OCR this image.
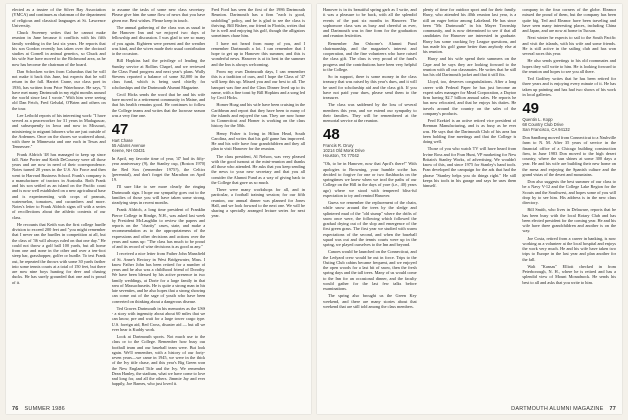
elected as a trustee of the Silver Bay Association (YMCA) and continues as chairman of the department of religious and classical languages at St. Lawrence University.

Chuck Sweeney writes that he cannot make reunion in June because it conflicts with his fifth family wedding in the last six years. He reports that his son Gordon recently has taken over the doctoral studies at Cornell in animal genetics, so Chuck and his wife Sue have moved to the Richmond area, as he now has become the chairman of the board.

Dan Schocken writes from Columbus that he will not make it back this June, but expects that he will return in the fall. Harriet Crane, our class poet in 1936, has written from Price Waterhouse. He says, "I have met many Dartmouth in my eight months around the world since last I wrote." With him were seeing old Dan Fetch, Fred Gelsdal, O'Brien and others on the tour.

Lee Leibold reports of his interesting work: "I have served as a peaceworker for 31 years in Madagascar, and subsequently in Iowa and now in Missouri, ministering to migrant laborers who are just outside of the Ardennes. Once on the shores we scattered about, with three in Minnesota and one each in Texas and Tennessee."

Frank Aldrich '48 has managed to keep up since fall. Nate Porter and Keith DeCoursey were all those years and are now in need of their correspondence. Notes turned 20 years in the U.S. Air Force and then went to Harvard Business School. Frank's company is a manufacturer of tractors in Australia. Both Frank and his son settled as an island on the Pacific coast and is now well established on a new agricultural base and is experimenting with crops of peanuts, watermelon, tomatoes, and cucumbers and more. Notes's letter to Frank Aldrich signs off with a series of recollections about the athletic contests of our class.

He recounts that Keith was the first college hurdle division to exceed 200 feet and "you might remember that I never ran the hurdles in competition at all, but the class of '36 will always ruled on that one day." He could not throw a golf ball 100 yards, but all home from one and none in the other and over a ten-foot steep bar, grasshopper, golfer or hurdle. To test Frank out, he repeated the throws with some 30 yards farther into some tennis courts at a total of 150 feet, but there are now nine boys hunting for deer and chasing ducks. He has surely grounded that one and is proud of it.

to assume the tasks of some new class secretary. Please give him the same flow of news that you have given me. Best wishes. Please keep in touch.

The annual gathering of the class was as usual in the Hanover Inn and we enjoyed two days of fellowship and discussion. I was glad to see so many of you again. Eighteen were present and the weather was kind, and the wives made their usual contribution to the occasion.

Bill Hopkins had the privilege of leading the Sunday service at Rollins Chapel, and we reviewed the Class Fund progress and next year's plans. Wally Stevens reported a balance of some $2,000 in the class fund, which is being used chiefly for scholarships and the Dartmouth Alumni Magazine.

Cecil Hicks sends the word that he and his wife have moved to a retirement community in Maine, and that his health remains good. He continues to follow the College teams and writes that the lacrosse season was a very fine one.

47
Hart Chase
55 Adams Avenue
Keene, NH 03431

In April, my favorite time of year, '47 had its fifty-year anniversary (9), the Stanley cup, (Boston 1970) the Red Sox (remember 1975?), the Celtics (perennial), and don't forget the Marathon on April 19.

I'll sure like to see more clearly the ringing Dartmouth sign. I hope our sympathy goes out to the families of those you will have taken some strong, steadying steps in recent months.

Frank Aldrich, a long time president of Franklin Pierce College in Rindge, N.H., was asked last week by President McLaughlin to review the papers and reports on the "charity" cases, state, and make a recommendation as to the appropriateness of the expressions and other decisions and actions over the years and sums up: "The class has much to be proud of and its record of wise decisions is as good as any."

I received a nice letter from Father John Mansfield of St. Anne's Rectory in West Bridgewater, Mass. I know Father John has been retired for a number of years and he also was a childhood friend of Dorothy. We have been blessed by his active presence in two family weddings, at Dorie for a large family in that area of Massachusetts. He is quite a strong man in his late seventies, and he also hopes that a strong showing can come out of the sage of youth who have been converted on thinking about a dangerous disease.

Ted Graves Dartmouth in his memories as the USS - a story with ingenuity about about 60 miles that we can know, pre and wait for a large tower cargo type. U.S. foreign aid, Red Cross, disaster aid — but all we ever hear is Kuddy work.

Look at Dartmouth sports. Not much use to the class or to the College. Remember how busy our football team and our baseball team were. But look again. We'll remember, with a history of our forty-seven years—we came in 1945, we were in the thick of the Ivy title chase, and this year's Big Green won the New England Title and the Ivy. We remember Dean Hanley, the stadium, what we have come to love and long for, and all the others. Jimmie Jay and ever happily, Joe Barnes, who just loved it.

Fred Ford has seen the first of the 1986 Dartmouth Reunion. Dartmouth has a firm "each is good, unfolding" policy, and he is glad to see the class is thriving. Bill Bisbee, our friend in Florida, writes that he is well and enjoying his golf, though the alligators sometimes chase him.

I have not heard from many of you, and I remember Dartmouth a lot. I can remember that I hope to get up to Hanover this summer, and this is wonderful news. Hanover is at its best in the summer and the Inn is always welcoming.

From my own Dartmouth days, I can remember this is a tradition of ours, and I hope the Class of '47 will keep this up. Missed you and our best to all. The banquet was fine and the Class Dinner lived up to its name, with a fine toast by Bill Hopkins and a song led by Cecil Hicks.

Homer Hoag and his wife have been cruising in the Caribbean and report that they have been to many of the islands and enjoyed the sun. They are now home in Connecticut and Homer is working on the class history for the 50th.

Henry Fisher is living in Hilton Head, South Carolina, and writes that his golf game has improved. He and his wife have four grandchildren and they all plan to visit Hanover for the reunion.

The class president, Al Nelson, was very pleased with the good turnout at the mini-reunion and thanks all those who attended. He asks that you keep sending the news to your new secretary and that you all consider the Alumni Fund as a way of giving back to the College that gave us so much.

There were many workshops for all, and in particular, a football training session; for our fifth reunion, our annual dinner was planned for Jones Hall, and we look forward to the next one. We will be sharing a specially arranged lecture series for next year.

76 SUMMER 1986

Hanover is in its beautiful spring garb as I write, and it was a pleasure to be back, with all the splendid events of the past six months in Hanover. The sophomore class was as busy and cheerful as ever, and Dartmouth was in fine form for the graduation and reunion festivities.

Remember Jim Osborne's Alumni Fund chairmanship, and the magazine's interest and cooperation, and the fine volunteers who have raised the class gift. The class is very proud of the fund's progress and the contributions have been very helpful to the College.

So in support, there is some money in the class treasury that was raised by this year's dues, and it will be used for scholarship aid and the class gift. If you have not paid your dues, please send them to the treasurer.

The class was saddened by the loss of several members this year, and we extend our sympathy to their families. They will be remembered at the memorial service at the reunion.

48
Francis R. Drury
10214 Old Monk Drive
Houston, TX 77042

"Oh, to be in Hanover, now that April's there!" With apologies to Browning, your humble scribe has decided to forgive for one or two flashbacks on the springtimes we knew when we trod the paths of our College on the Hill in the days of yore (i.e., 40) years ago) where we stood with tempered bliss-ful expectation to try and remind Hanover.

Guess we remember the replacement of the chain, while snow around the trees by the sledge and splintered mud of the "old stump" where the drifts of snow once were, the following which followed the gradual drying out of the slop and emergence of the first green grass. The first year we studied with warm expectations of the second, and when the baseball squad was out and the tennis courts were up in the spring, we played ourselves to the Inn and beyond.

Canoes would be launched on the Connecticut, and the Ledyard crew would be out in force. Trips to the Outing Club cabins became frequent, and we enjoyed the open woods for a last bit of snow, then the fresh spring days and the tall trees. Many of us would come to the Inn for an occasional dinner, and the faculty would gather for the last few talks before examinations.

The spring also brought us the Green Key weekend, and there are many stories about that weekend that are still told among the class members.

plenty of time for outdoor sport and for their family. Harry, who attended his 40th reunion last year, is a still an eager bettor among Lakeland. He has since been "Mr. Dartmouth" in his Mayer Township community, and is now determined to see if that all candidates for Hanover are interested in graduate. Harry has some cracking Ivy League questions, and has made his golf game better than anybody else at his reunion.

Harry and his wife spend their summers on the Cape and he says they are looking forward to the reunion with all our classmates. He writes that he still has his old Dartmouth jacket and that it still fits.

Lloyd, too, deserves congratulations. After a long career with Federal Paper he has just become an expert sales manager for Mead Corporation, a Dayton firm having $2.7 billion annual sales. He reports he has now relocated, and that he enjoys his duties. He travels around the country on the sales of the company's products.

Ferd Ezekiel is an active retired vice president of Brennan Manufacturing, and is as busy as he ever was. He says that the Dartmouth Club of his area has been holding fine meetings and that the College is doing well.

Those of you who watch TV will have heard from Irvine Ross and for Fran Hunt, VP marketing for New Britain's Stanley Works, of advertising. We wouldn't know of this, and since 1975 for Stanley's hand tools. Fran developed the campaign for the ads that had the phrase "Stanley helps you do things right." He still keeps his tools in his garage and says he uses them himself.

company in the four corners of the globe. Eleanor missed the proud of them, but the company has been quite big. Ted and Eleanor have been traveling and have seen many interesting places, including China and Japan, and are now at home in Tucson.

Next winter he expects to sail to the South Pacific and visit the islands, with his wife and some friends. He is still active in the sailing club and has won several races this year.

He also sends greetings to his old roommates and hopes they will write to him. He is looking forward to the reunion and hopes to see you all there.

Ted Godfrey writes that he has been retired for three years and is enjoying every minute of it. He has taken up painting and has had two shows of his work in local galleries.

49
Quentin L. Kopp
68 Country Club Drive
San Francisco, CA 94132

Don Sandberg moved from Connecticut to a Nashville farm to N. M. After 35 years of service in the financial office of a Chicago building construction firm, in June 1983 Don moved to the high desert country, where the sun shines at some 300 days a year. He and his wife are building their new home on the mesa and enjoying the Spanish culture and the grand vistas of the desert and mountains.

Don also suggests the best summer of our class to be a Navy V-12 and the College Lake Region for the Scouts and the Southwest, and hopes some of you will drop by to see him. His address is in the new class directory.

Bill Smith, who lives in Delaware, reports that he has been busy with the local Rotary Club and has been elected president for the coming year. He and his wife have three grandchildren and another is on the way.

Joe Costa, retired from a career in banking, is now working as a volunteer at the local hospital and enjoys the work very much. He and his wife have taken two trips to Europe in the last year and plan another for the fall.

Walt "Kansas" Elliott checked in from Peterborough, N. H., where he is retired and has a splendid view of Mount Monadnock. He sends his best to all and asks that you write to him.

DARTMOUTH ALUMNI MAGAZINE 77
